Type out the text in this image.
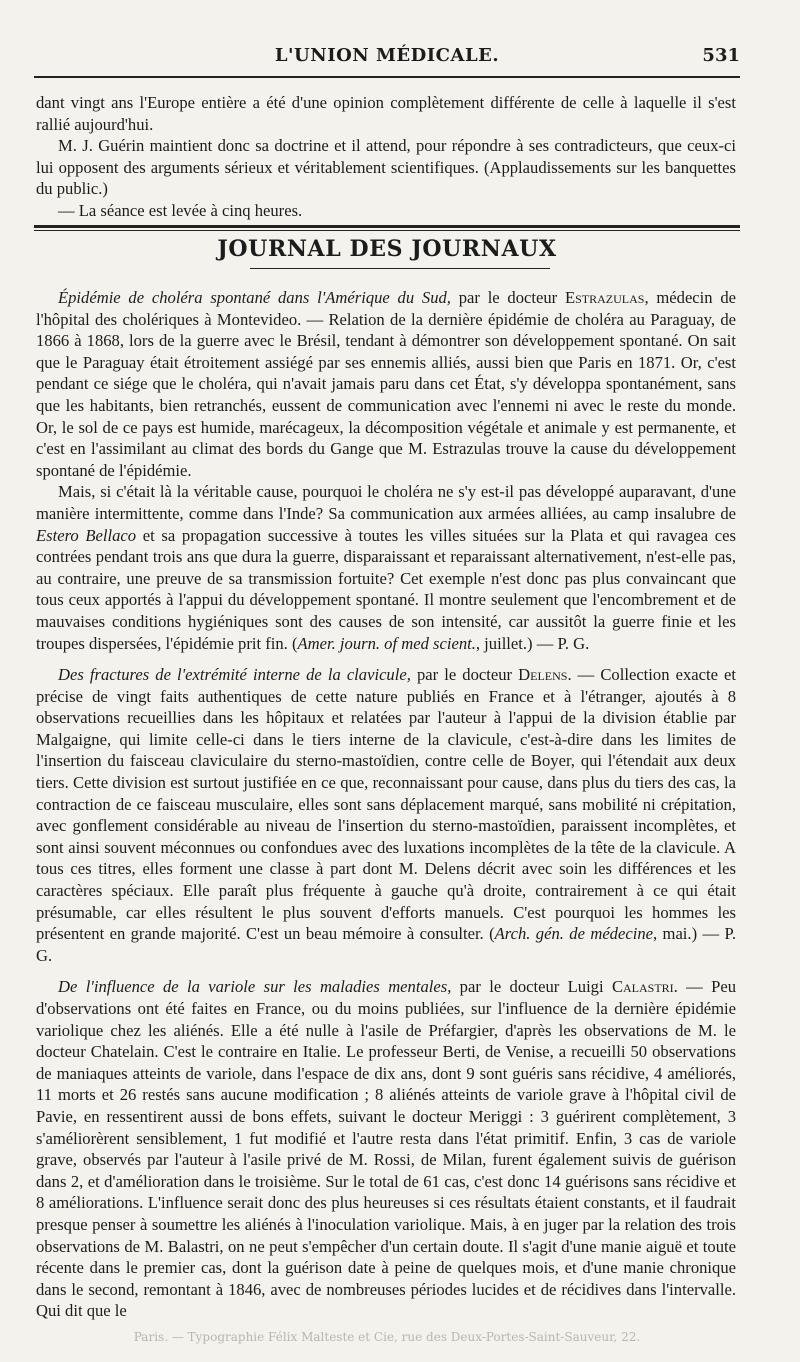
L'UNION MÉDICALE.	531

dant vingt ans l'Europe entière a été d'une opinion complètement différente de celle à laquelle il s'est rallié aujourd'hui.

M. J. Guérin maintient donc sa doctrine et il attend, pour répondre à ses contradicteurs, que ceux-ci lui opposent des arguments sérieux et véritablement scientifiques. (Applaudissements sur les banquettes du public.)

— La séance est levée à cinq heures.

JOURNAL DES JOURNAUX

Épidémie de choléra spontané dans l'Amérique du Sud, par le docteur Estrazulas, médecin de l'hôpital des cholériques à Montevideo. — Relation de la dernière épidémie de choléra au Paraguay, de 1866 à 1868, lors de la guerre avec le Brésil, tendant à démontrer son développement spontané. On sait que le Paraguay était étroitement assiégé par ses ennemis alliés, aussi bien que Paris en 1871. Or, c'est pendant ce siége que le choléra, qui n'avait jamais paru dans cet État, s'y développa spontanément, sans que les habitants, bien retranchés, eussent de communication avec l'ennemi ni avec le reste du monde. Or, le sol de ce pays est humide, marécageux, la décomposition végétale et animale y est permanente, et c'est en l'assimilant au climat des bords du Gange que M. Estrazulas trouve la cause du développement spontané de l'épidémie.

Mais, si c'était là la véritable cause, pourquoi le choléra ne s'y est-il pas développé auparavant, d'une manière intermittente, comme dans l'Inde? Sa communication aux armées alliées, au camp insalubre de Estero Bellaco et sa propagation successive à toutes les villes situées sur la Plata et qui ravagea ces contrées pendant trois ans que dura la guerre, disparaissant et reparaissant alternativement, n'est-elle pas, au contraire, une preuve de sa transmission fortuite? Cet exemple n'est donc pas plus convaincant que tous ceux apportés à l'appui du développement spontané. Il montre seulement que l'encombrement et de mauvaises conditions hygiéniques sont des causes de son intensité, car aussitôt la guerre finie et les troupes dispersées, l'épidémie prit fin. (Amer. journ. of med scient., juillet.) — P. G.

Des fractures de l'extrémité interne de la clavicule, par le docteur Delens. — Collection exacte et précise de vingt faits authentiques de cette nature publiés en France et à l'étranger, ajoutés à 8 observations recueillies dans les hôpitaux et relatées par l'auteur à l'appui de la division établie par Malgaigne, qui limite celle-ci dans le tiers interne de la clavicule, c'est-à-dire dans les limites de l'insertion du faisceau claviculaire du sterno-mastoïdien, contre celle de Boyer, qui l'étendait aux deux tiers. Cette division est surtout justifiée en ce que, reconnaissant pour cause, dans plus du tiers des cas, la contraction de ce faisceau musculaire, elles sont sans déplacement marqué, sans mobilité ni crépitation, avec gonflement considérable au niveau de l'insertion du sterno-mastoïdien, paraissent incomplètes, et sont ainsi souvent méconnues ou confondues avec des luxations incomplètes de la tête de la clavicule. A tous ces titres, elles forment une classe à part dont M. Delens décrit avec soin les différences et les caractères spéciaux. Elle paraît plus fréquente à gauche qu'à droite, contrairement à ce qui était présumable, car elles résultent le plus souvent d'efforts manuels. C'est pourquoi les hommes les présentent en grande majorité. C'est un beau mémoire à consulter. (Arch. gén. de médecine, mai.) — P. G.

De l'influence de la variole sur les maladies mentales, par le docteur Luigi Calastri. — Peu d'observations ont été faites en France, ou du moins publiées, sur l'influence de la dernière épidémie variolique chez les aliénés. Elle a été nulle à l'asile de Préfargier, d'après les observations de M. le docteur Chatelain. C'est le contraire en Italie. Le professeur Berti, de Venise, a recueilli 50 observations de maniaques atteints de variole, dans l'espace de dix ans, dont 9 sont guéris sans récidive, 4 améliorés, 11 morts et 26 restés sans aucune modification ; 8 aliénés atteints de variole grave à l'hôpital civil de Pavie, en ressentirent aussi de bons effets, suivant le docteur Meriggi : 3 guérirent complètement, 3 s'améliorèrent sensiblement, 1 fut modifié et l'autre resta dans l'état primitif. Enfin, 3 cas de variole grave, observés par l'auteur à l'asile privé de M. Rossi, de Milan, furent également suivis de guérison dans 2, et d'amélioration dans le troisième. Sur le total de 61 cas, c'est donc 14 guérisons sans récidive et 8 améliorations. L'influence serait donc des plus heureuses si ces résultats étaient constants, et il faudrait presque penser à soumettre les aliénés à l'inoculation variolique. Mais, à en juger par la relation des trois observations de M. Balastri, on ne peut s'empêcher d'un certain doute. Il s'agit d'une manie aiguë et toute récente dans le premier cas, dont la guérison date à peine de quelques mois, et d'une manie chronique dans le second, remontant à 1846, avec de nombreuses périodes lucides et de récidives dans l'intervalle. Qui dit que le

Paris. — Typographie Félix Malteste et Cie, rue des Deux-Portes-Saint-Sauveur, 22.
